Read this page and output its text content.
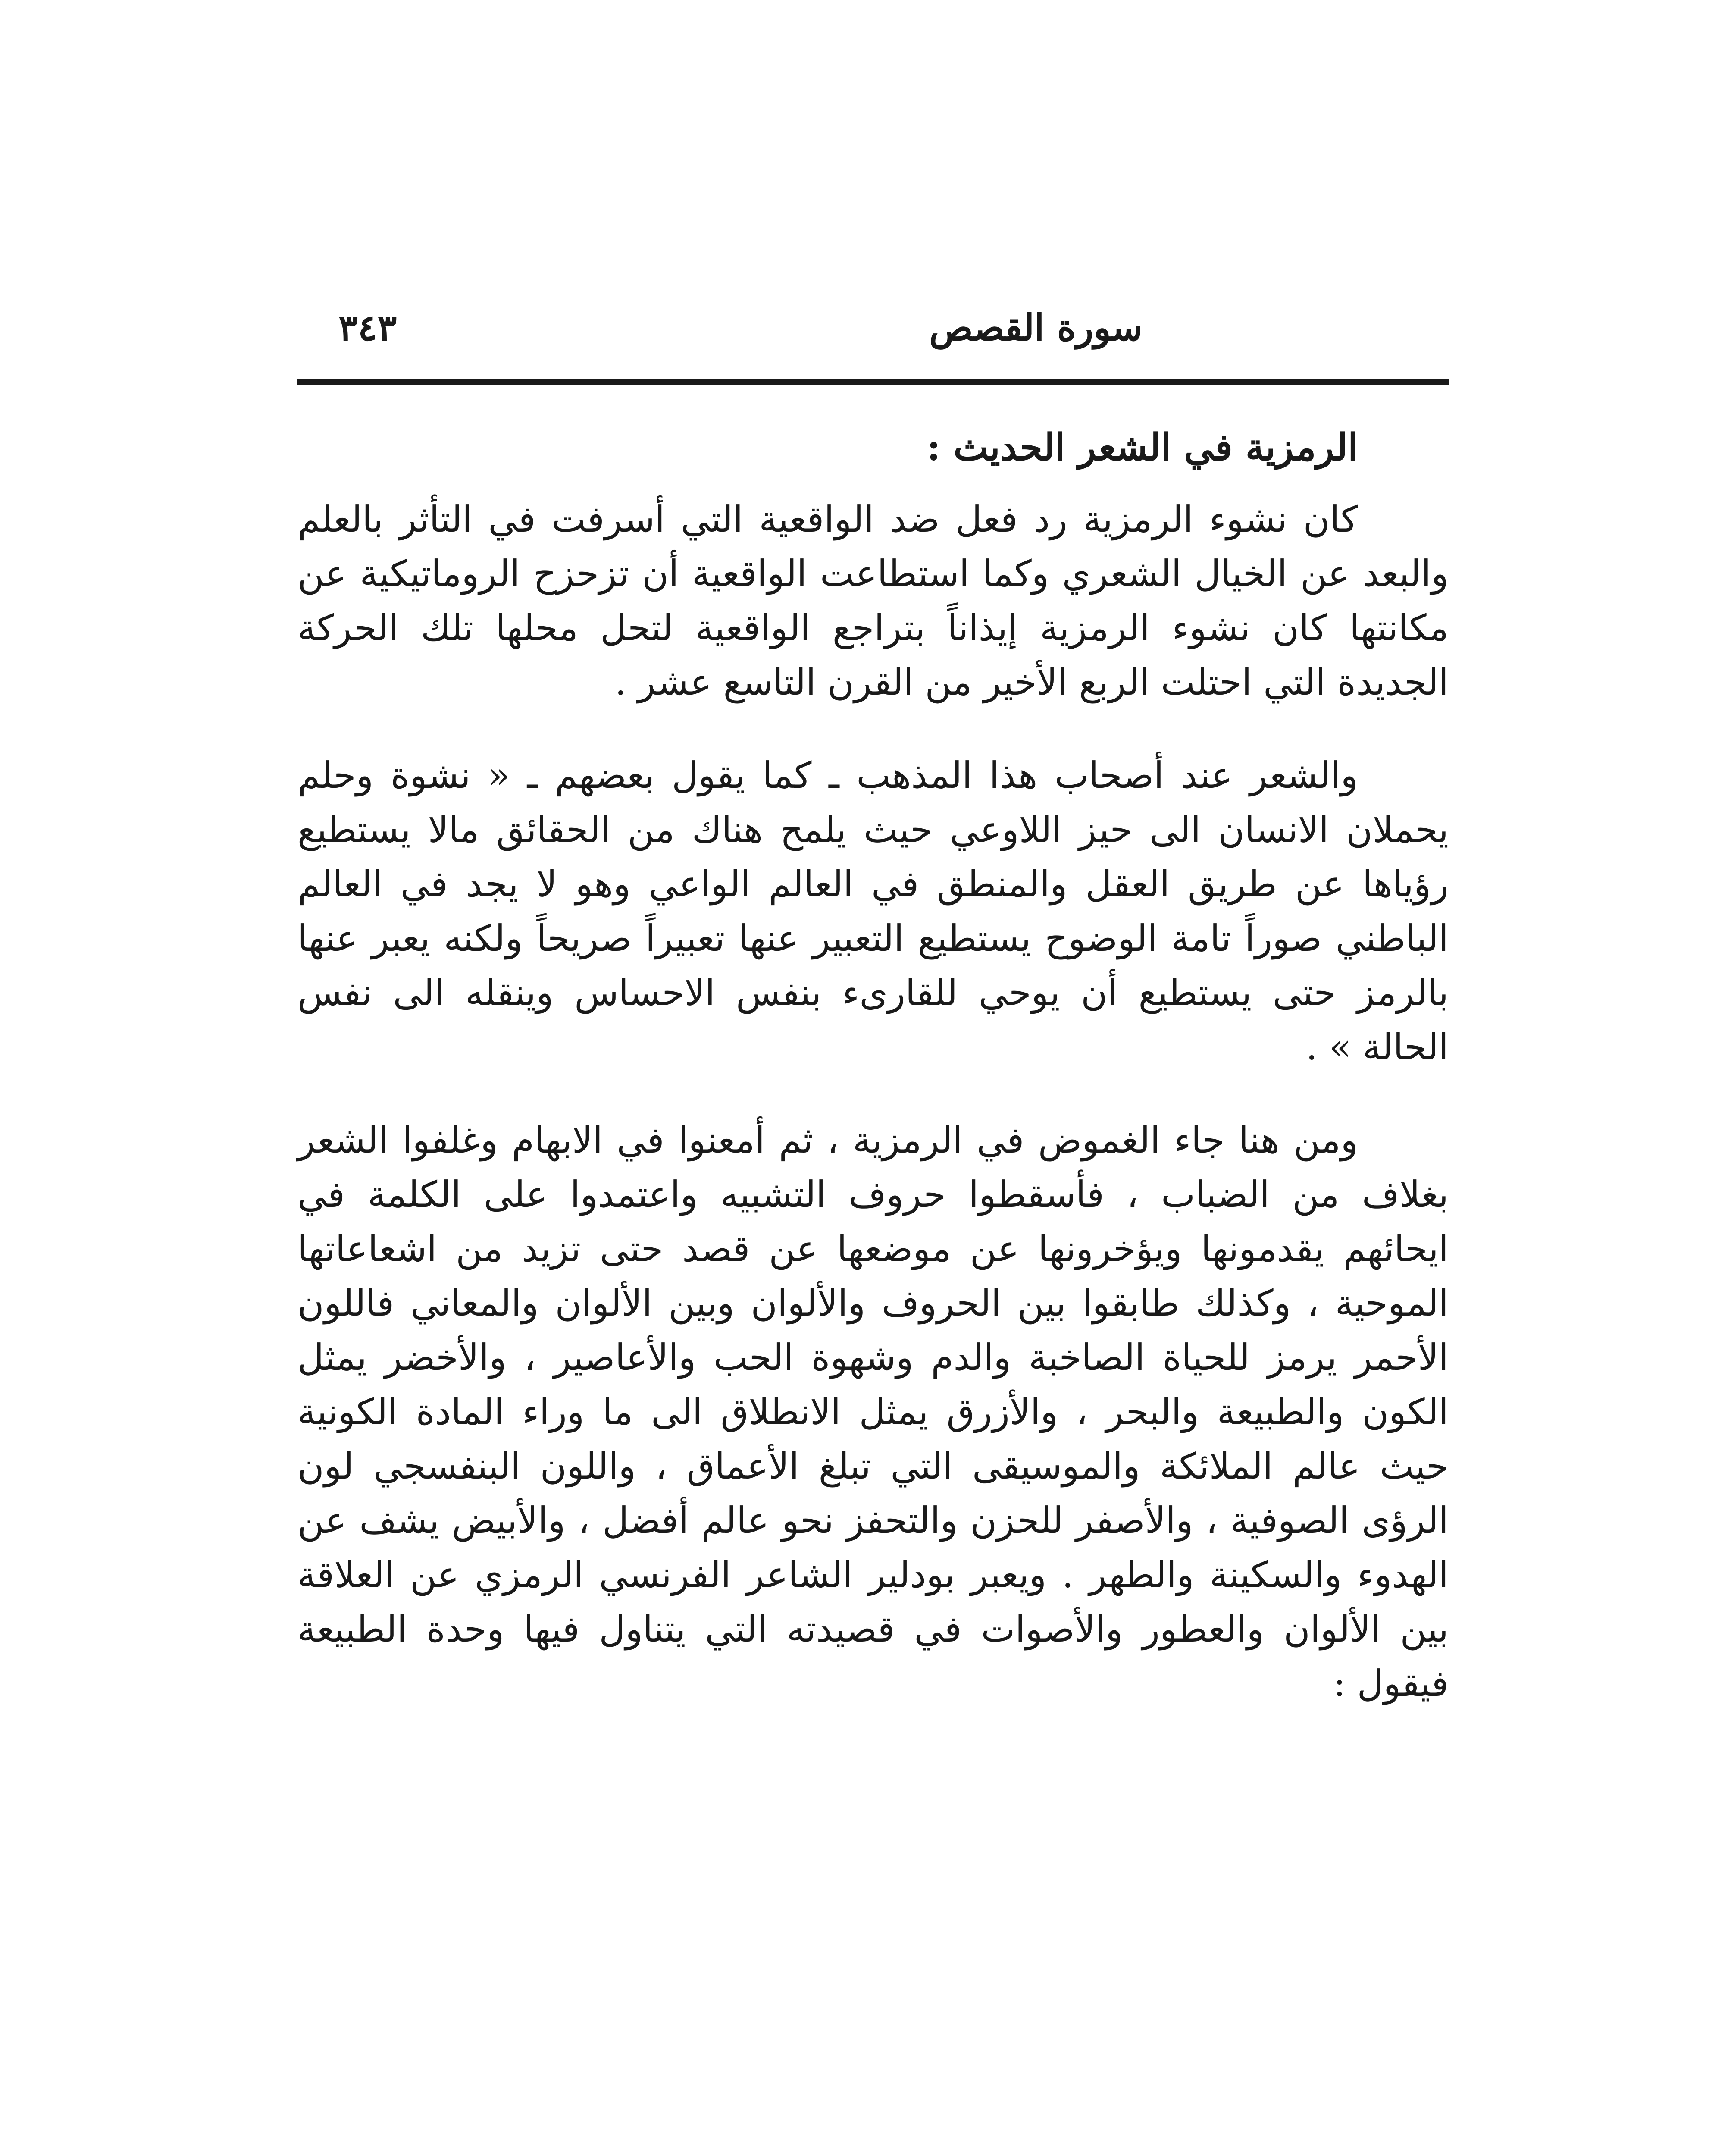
سورة القصص
٣٤٣

الرمزية في الشعر الحديث :

كان نشوء الرمزية رد فعل ضد الواقعية التي أسرفت في التأثر بالعلم والبعد عن الخيال الشعري وكما استطاعت الواقعية أن تزحزح الروماتيكية عن مكانتها كان نشوء الرمزية إيذاناً بتراجع الواقعية لتحل محلها تلك الحركة الجديدة التي احتلت الربع الأخير من القرن التاسع عشر .

والشعر عند أصحاب هذا المذهب ـ كما يقول بعضهم ـ « نشوة وحلم يحملان الانسان الى حيز اللاوعي حيث يلمح هناك من الحقائق مالا يستطيع رؤياها عن طريق العقل والمنطق في العالم الواعي وهو لا يجد في العالم الباطني صوراً تامة الوضوح يستطيع التعبير عنها تعبيراً صريحاً ولكنه يعبر عنها بالرمز حتى يستطيع أن يوحي للقارىء بنفس الاحساس وينقله الى نفس الحالة » .

ومن هنا جاء الغموض في الرمزية ، ثم أمعنوا في الابهام وغلفوا الشعر بغلاف من الضباب ، فأسقطوا حروف التشبيه واعتمدوا على الكلمة في ايحائهم يقدمونها ويؤخرونها عن موضعها عن قصد حتى تزيد من اشعاعاتها الموحية ، وكذلك طابقوا بين الحروف والألوان وبين الألوان والمعاني فاللون الأحمر يرمز للحياة الصاخبة والدم وشهوة الحب والأعاصير ، والأخضر يمثل الكون والطبيعة والبحر ، والأزرق يمثل الانطلاق الى ما وراء المادة الكونية حيث عالم الملائكة والموسيقى التي تبلغ الأعماق ، واللون البنفسجي لون الرؤى الصوفية ، والأصفر للحزن والتحفز نحو عالم أفضل ، والأبيض يشف عن الهدوء والسكينة والطهر . ويعبر بودلير الشاعر الفرنسي الرمزي عن العلاقة بين الألوان والعطور والأصوات في قصيدته التي يتناول فيها وحدة الطبيعة فيقول :
